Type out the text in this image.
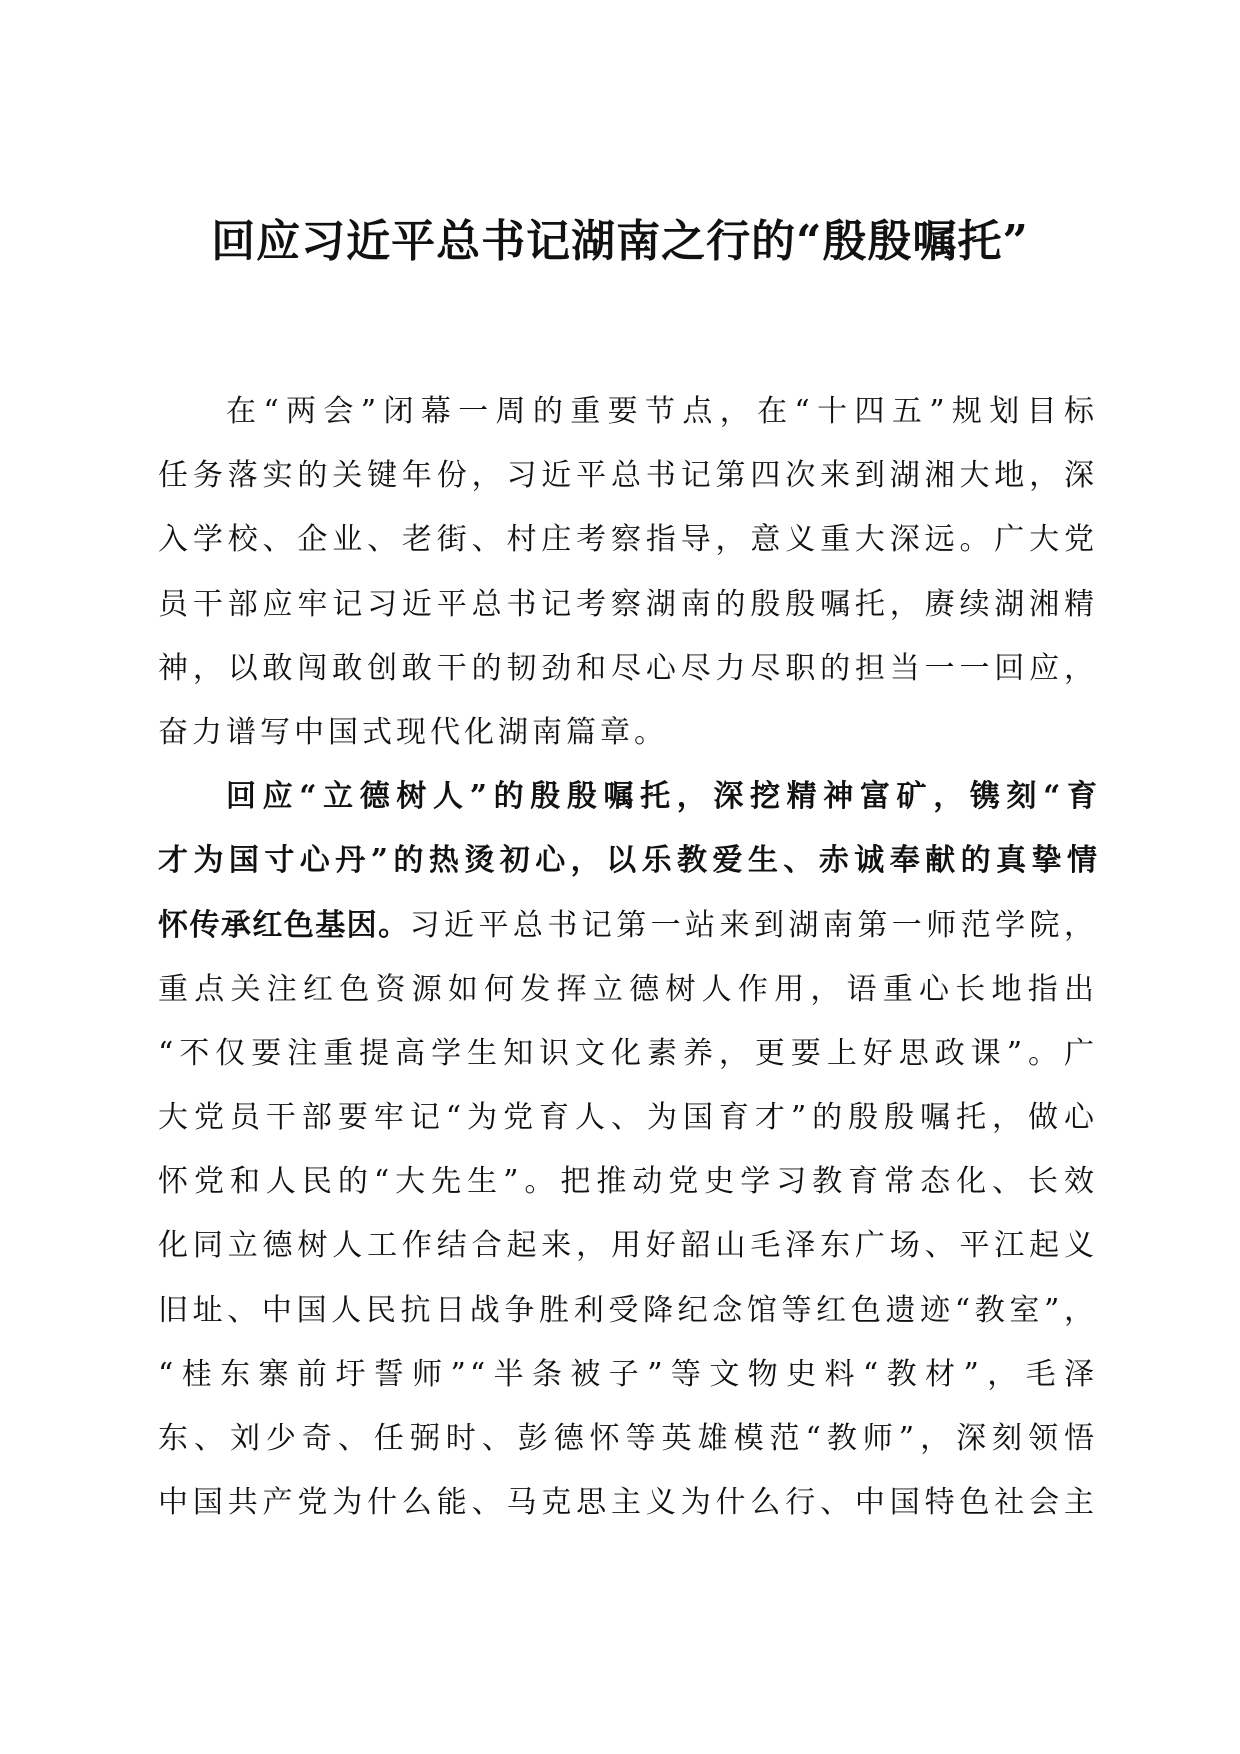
回应习近平总书记湖南之行的“殷殷嘱托”
在“两会”闭幕一周的重要节点，在“十四五”规划目标
任务落实的关键年份，习近平总书记第四次来到湖湘大地，深
入学校、企业、老街、村庄考察指导，意义重大深远。广大党
员干部应牢记习近平总书记考察湖南的殷殷嘱托，赓续湖湘精
神，以敢闯敢创敢干的韧劲和尽心尽力尽职的担当一一回应，
奋力谱写中国式现代化湖南篇章。
回应“立德树人”的殷殷嘱托，深挖精神富矿，镌刻“育
才为国寸心丹”的热烫初心，以乐教爱生、赤诚奉献的真挚情
怀传承红色基因。习近平总书记第一站来到湖南第一师范学院，
重点关注红色资源如何发挥立德树人作用，语重心长地指出
“不仅要注重提高学生知识文化素养，更要上好思政课”。广
大党员干部要牢记“为党育人、为国育才”的殷殷嘱托，做心
怀党和人民的“大先生”。把推动党史学习教育常态化、长效
化同立德树人工作结合起来，用好韶山毛泽东广场、平江起义
旧址、中国人民抗日战争胜利受降纪念馆等红色遗迹“教室”，
“桂东寨前圩誓师”“半条被子”等文物史料“教材”，毛泽
东、刘少奇、任弼时、彭德怀等英雄模范“教师”，深刻领悟
中国共产党为什么能、马克思主义为什么行、中国特色社会主
